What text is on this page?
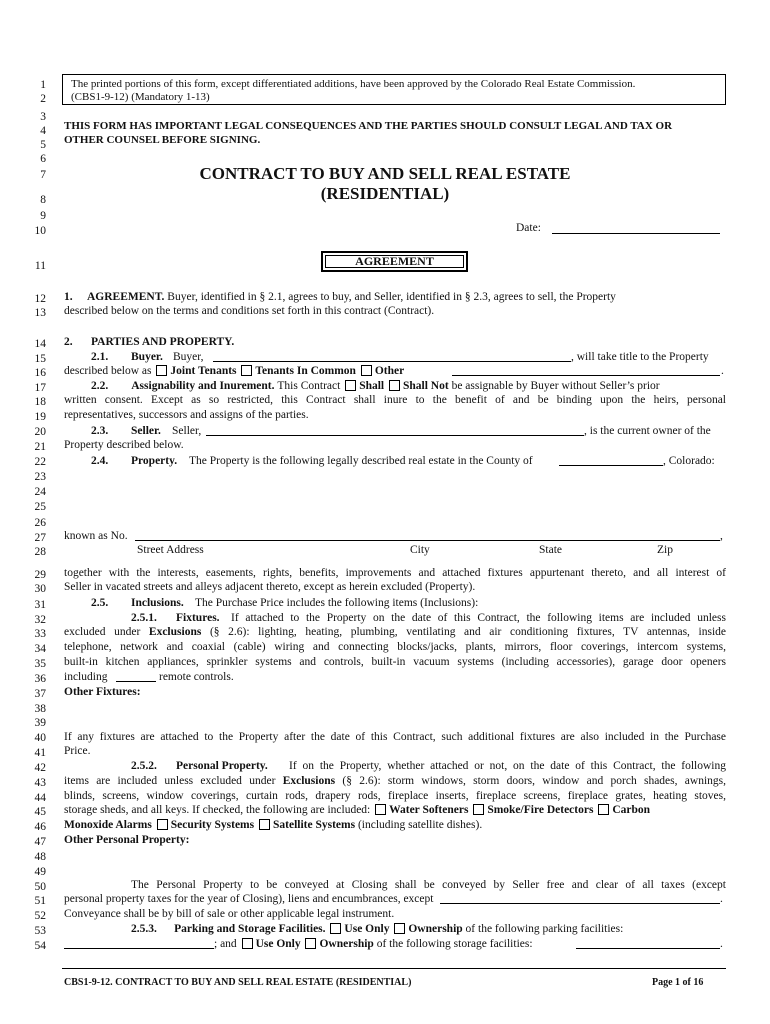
1
2
3
4
5
6
7
8
9
10
11
12
13
14
15
16
17
18
19
20
21
22
23
24
25
26
27
28
29
30
31
32
33
34
35
36
37
38
39
40
41
42
43
44
45
46
47
48
49
50
51
52
53
54
The printed portions of this form, except differentiated additions, have been approved by the Colorado Real Estate Commission.
(CBS1-9-12) (Mandatory 1-13)
THIS FORM HAS IMPORTANT LEGAL CONSEQUENCES AND THE PARTIES SHOULD CONSULT LEGAL AND TAX OR
OTHER COUNSEL BEFORE SIGNING.
CONTRACT TO BUY AND SELL REAL ESTATE
(RESIDENTIAL)
Date:
AGREEMENT
1. AGREEMENT. Buyer, identified in § 2.1, agrees to buy, and Seller, identified in § 2.3, agrees to sell, the Property
described below on the terms and conditions set forth in this contract (Contract).
2. PARTIES AND PROPERTY.
2.1. Buyer. Buyer,	, will take title to the Property
described below as Joint Tenants Tenants In Common Other	.
2.2. Assignability and Inurement. This Contract Shall Shall Not be assignable by Buyer without Seller’s prior
written consent. Except as so restricted, this Contract shall inure to the benefit of and be binding upon the heirs, personal
representatives, successors and assigns of the parties.
2.3. Seller. Seller,	, is the current owner of the
Property described below.
2.4. Property. The Property is the following legally described real estate in the County of	, Colorado:
known as No.	,
Street Address	City	State	Zip
together with the interests, easements, rights, benefits, improvements and attached fixtures appurtenant thereto, and all interest of
Seller in vacated streets and alleys adjacent thereto, except as herein excluded (Property).
2.5. Inclusions. The Purchase Price includes the following items (Inclusions):
2.5.1. Fixtures. If attached to the Property on the date of this Contract, the following items are included unless
excluded under Exclusions (§ 2.6): lighting, heating, plumbing, ventilating and air conditioning fixtures, TV antennas, inside
telephone, network and coaxial (cable) wiring and connecting blocks/jacks, plants, mirrors, floor coverings, intercom systems,
built-in kitchen appliances, sprinkler systems and controls, built-in vacuum systems (including accessories), garage door openers
including	remote controls.
Other Fixtures:
If any fixtures are attached to the Property after the date of this Contract, such additional fixtures are also included in the Purchase
Price.
2.5.2. Personal Property. If on the Property, whether attached or not, on the date of this Contract, the following
items are included unless excluded under Exclusions (§ 2.6): storm windows, storm doors, window and porch shades, awnings,
blinds, screens, window coverings, curtain rods, drapery rods, fireplace inserts, fireplace screens, fireplace grates, heating stoves,
storage sheds, and all keys. If checked, the following are included: Water Softeners Smoke/Fire Detectors Carbon
Monoxide Alarms Security Systems Satellite Systems (including satellite dishes).
Other Personal Property:
The Personal Property to be conveyed at Closing shall be conveyed by Seller free and clear of all taxes (except
personal property taxes for the year of Closing), liens and encumbrances, except	.
Conveyance shall be by bill of sale or other applicable legal instrument.
2.5.3. Parking and Storage Facilities. Use Only Ownership of the following parking facilities:
; and Use Only Ownership of the following storage facilities:	.
CBS1-9-12. CONTRACT TO BUY AND SELL REAL ESTATE (RESIDENTIAL)	Page 1 of 16
